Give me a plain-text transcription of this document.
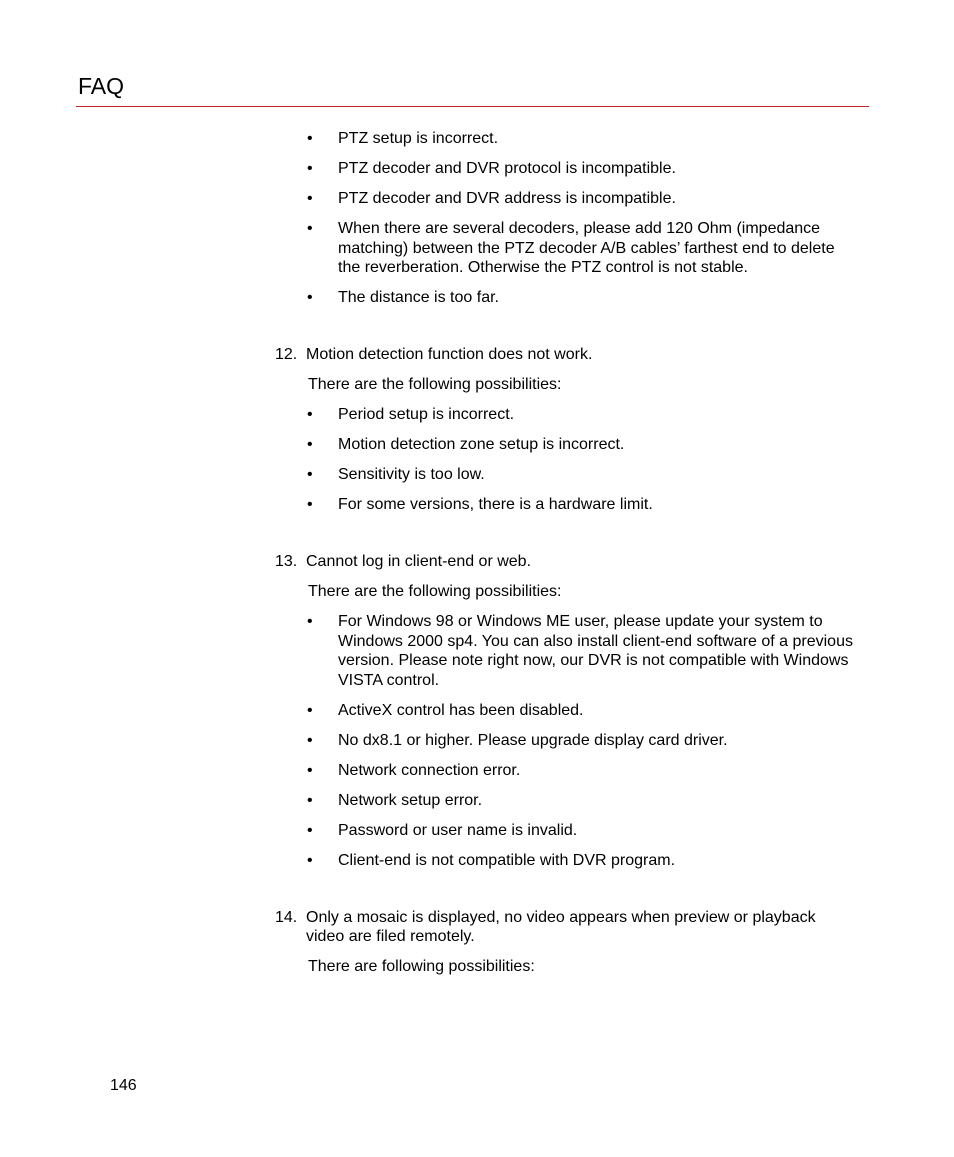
FAQ
• PTZ setup is incorrect.
• PTZ decoder and DVR protocol is incompatible.
• PTZ decoder and DVR address is incompatible.
• When there are several decoders, please add 120 Ohm (impedance matching) between the PTZ decoder A/B cables’ farthest end to delete the reverberation. Otherwise the PTZ control is not stable.
• The distance is too far.
12. Motion detection function does not work.
There are the following possibilities:
• Period setup is incorrect.
• Motion detection zone setup is incorrect.
• Sensitivity is too low.
• For some versions, there is a hardware limit.
13. Cannot log in client-end or web.
There are the following possibilities:
• For Windows 98 or Windows ME user, please update your system to Windows 2000 sp4. You can also install client-end software of a previous version. Please note right now, our DVR is not compatible with Windows VISTA control.
• ActiveX control has been disabled.
• No dx8.1 or higher. Please upgrade display card driver.
• Network connection error.
• Network setup error.
• Password or user name is invalid.
• Client-end is not compatible with DVR program.
14. Only a mosaic is displayed, no video appears when preview or playback video are filed remotely.
There are following possibilities:
146
